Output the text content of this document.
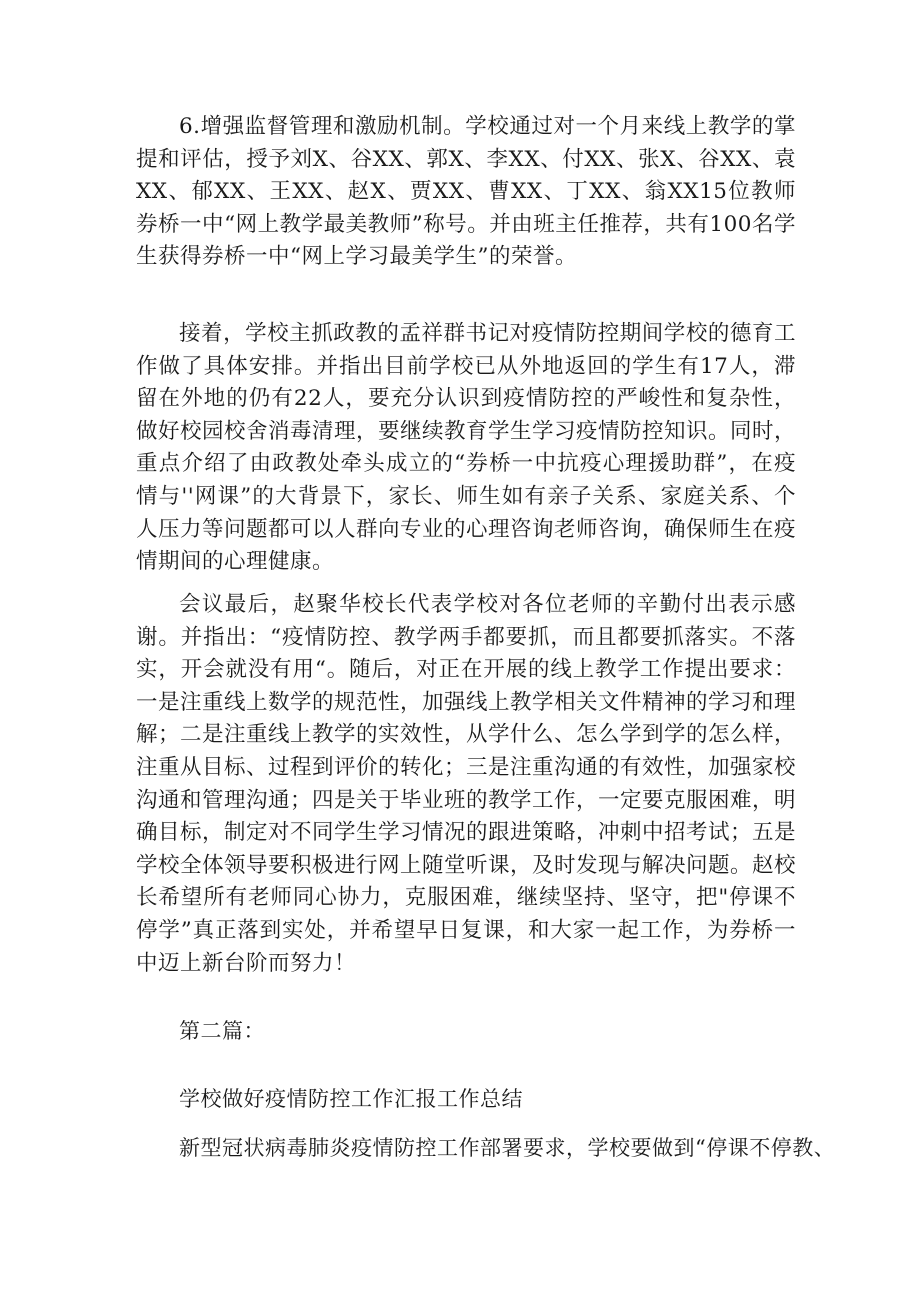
6.增强监督管理和激励机制。学校通过对一个月来线上教学的掌提和评估，授予刘X、谷XX、郭X、李XX、付XX、张X、谷XX、袁XX、郁XX、王XX、赵X、贾XX、曹XX、丁XX、翁XX15位教师券桥一中“网上教学最美教师”称号。并由班主任推荐，共有100名学生获得券桥一中“网上学习最美学生”的荣誉。

接着，学校主抓政教的孟祥群书记对疫情防控期间学校的德育工作做了具体安排。并指出目前学校已从外地返回的学生有17人，滞留在外地的仍有22人，要充分认识到疫情防控的严峻性和复杂性，做好校园校舍消毒清理，要继续教育学生学习疫情防控知识。同时，重点介绍了由政教处牵头成立的“券桥一中抗疫心理援助群”，在疫情与''网课”的大背景下，家长、师生如有亲子关系、家庭关系、个人压力等问题都可以人群向专业的心理咨询老师咨询，确保师生在疫情期间的心理健康。

会议最后，赵聚华校长代表学校对各位老师的辛勤付出表示感谢。并指出：“疫情防控、教学两手都要抓，而且都要抓落实。不落实，开会就没有用“。随后，对正在开展的线上教学工作提出要求：一是注重线上数学的规范性，加强线上教学相关文件精神的学习和理解；二是注重线上教学的实效性，从学什么、怎么学到学的怎么样，注重从目标、过程到评价的转化；三是注重沟通的有效性，加强家校沟通和管理沟通；四是关于毕业班的教学工作，一定要克服困难，明确目标，制定对不同学生学习情况的跟进策略，冲刺中招考试；五是学校全体领导要积极进行网上随堂听课，及时发现与解决问题。赵校长希望所有老师同心协力，克服困难，继续坚持、坚守，把"停课不停学”真正落到实处，并希望早日复课，和大家一起工作，为券桥一中迈上新台阶而努力！

第二篇：

学校做好疫情防控工作汇报工作总结

新型冠状病毒肺炎疫情防控工作部署要求，学校要做到“停课不停教、
